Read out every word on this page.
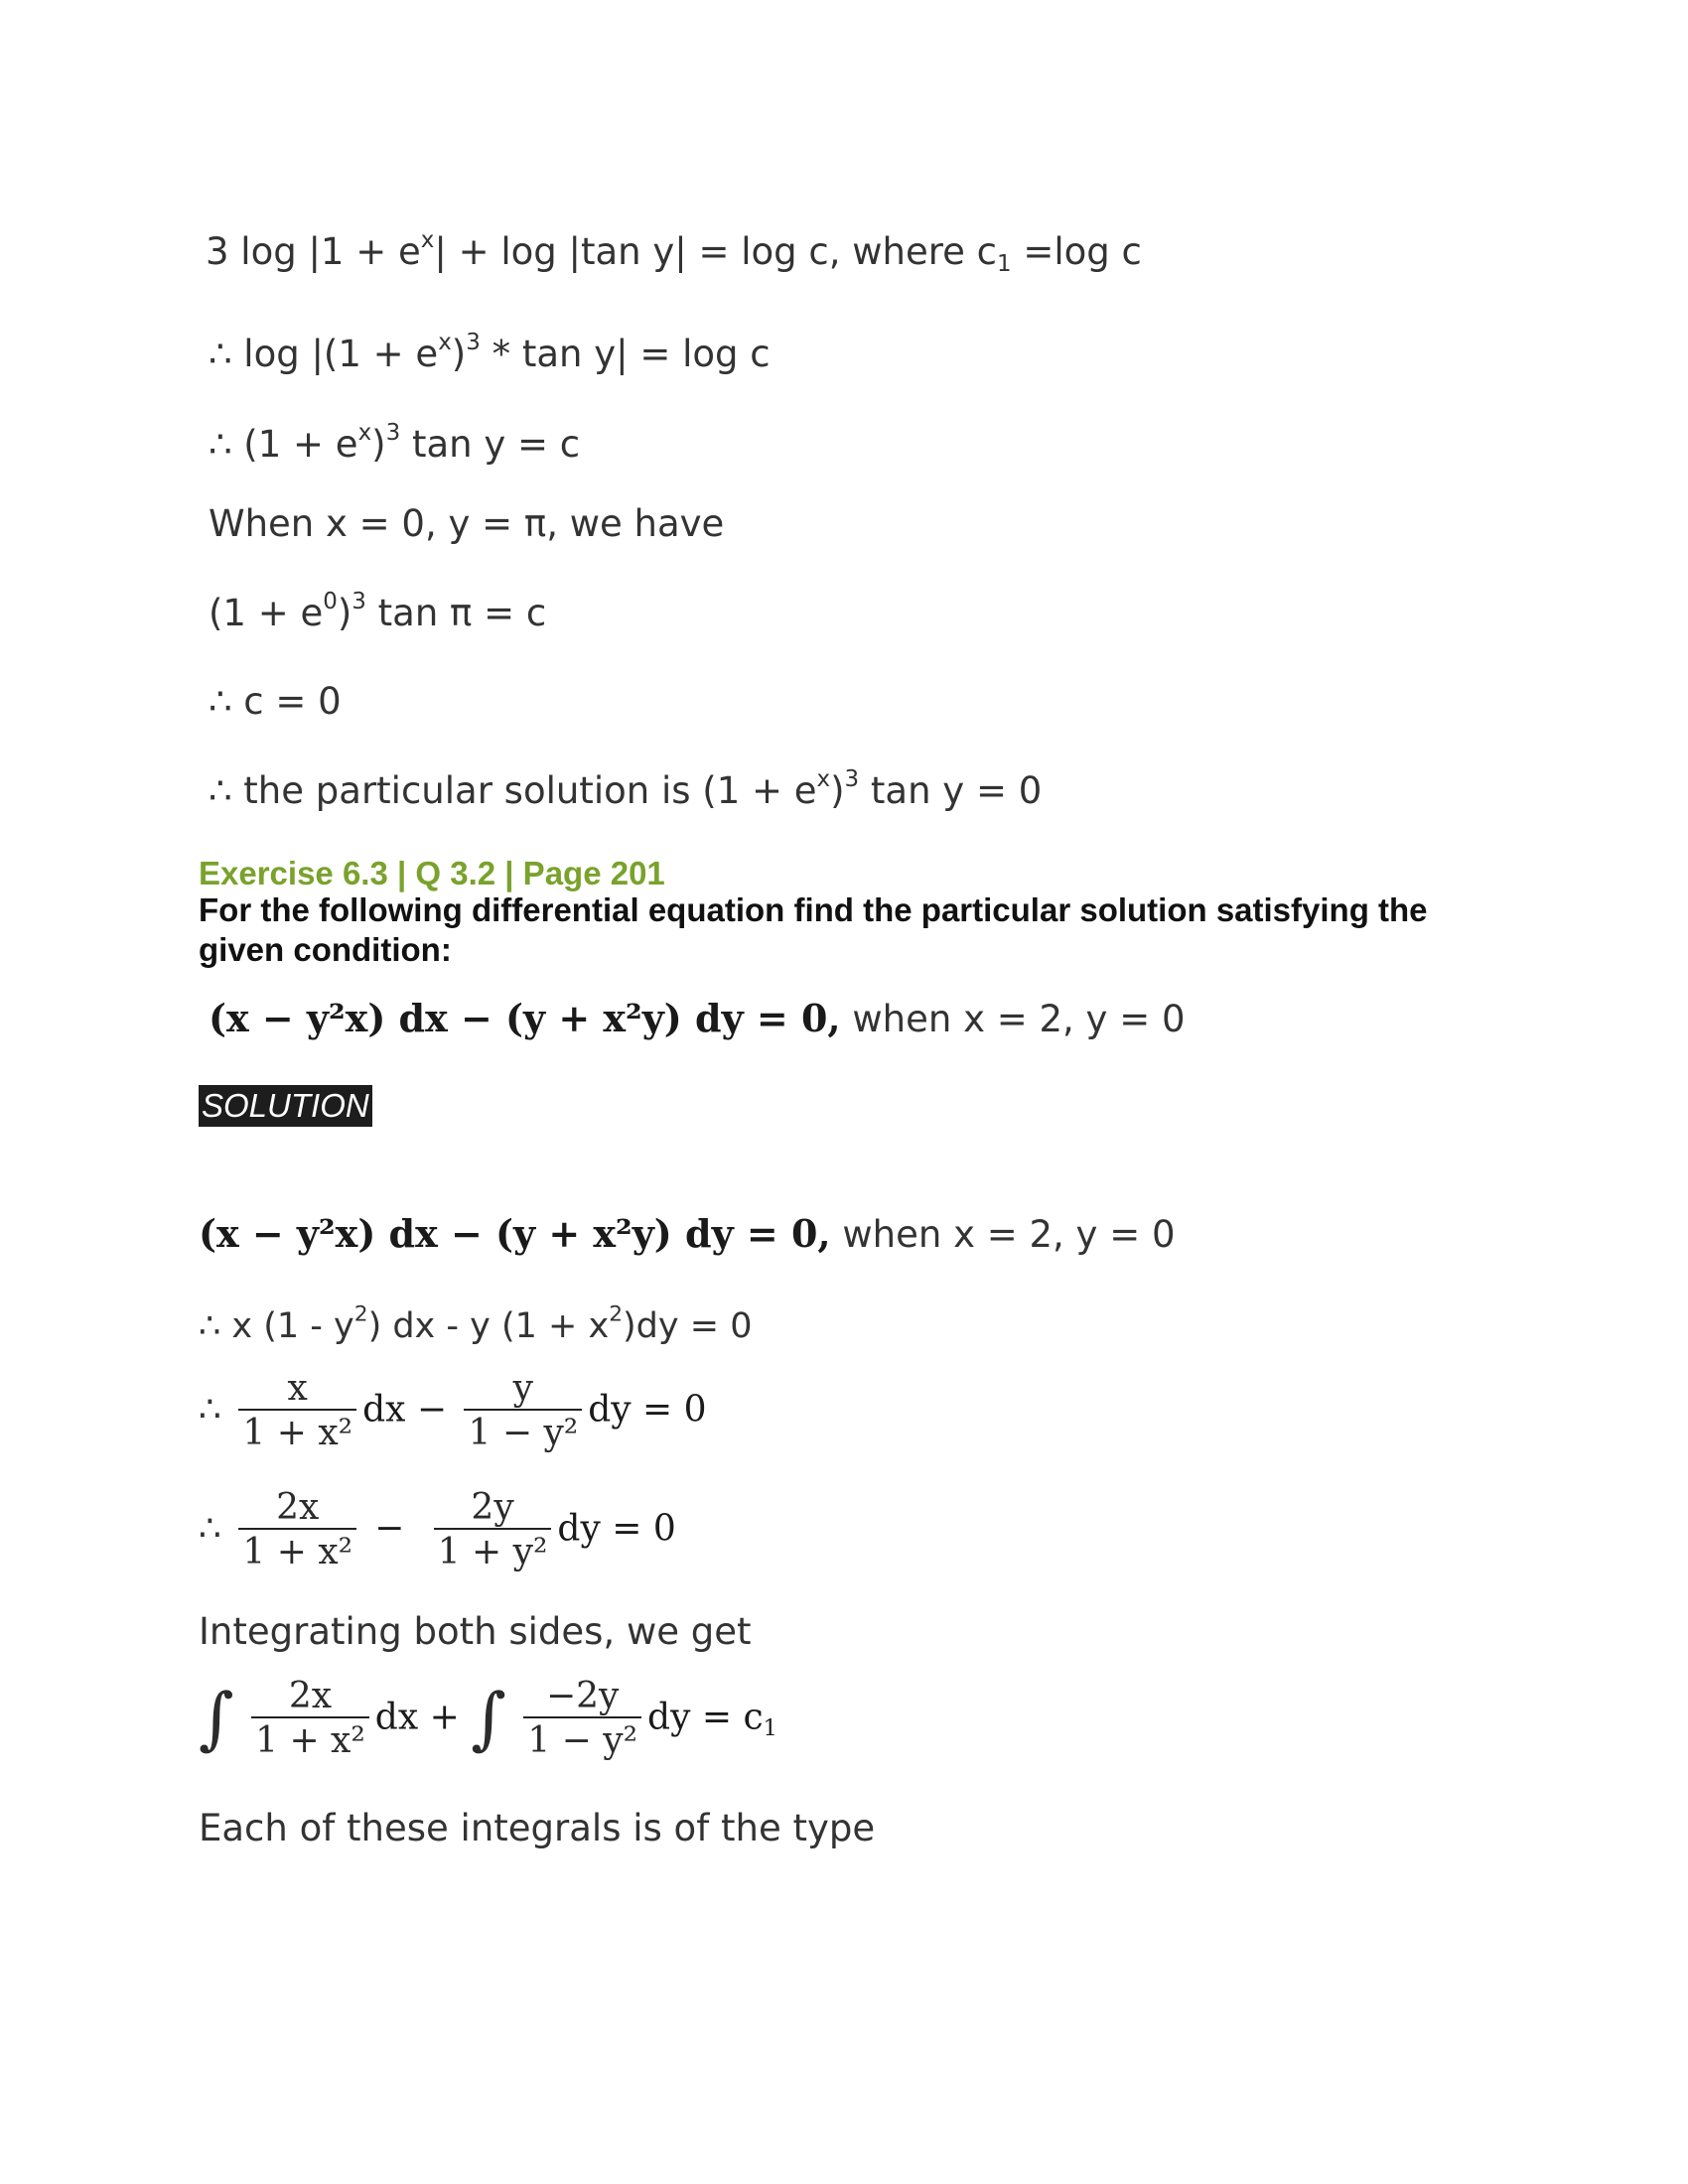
3 $\log |1 + e^x| + \log |\tan$ y| = log c, where $c_1 =\log$ c
∴ $\log |(1 + e^x)^3 * \tan y| = \log c$
∴ $(1 + e^x)^3$ tan y = c
When x = 0, y = π, we have
$(1 + e^0)^3$ tan π = c
∴ c = 0
∴ the particular solution is $(1 + e^x)^3$ tan y = 0
Exercise 6.3 | Q 3.2 | Page 201
For the following differential equation find the particular solution satisfying the given condition:
(x − y²x) dx − (y + x²y) dy = 0, when x = 2, y = 0
SOLUTION
(x − y²x) dx − (y + x²y) dy = 0, when x = 2, y = 0
∴ x $(1 - y^2)$ dx - y $(1 + x^2)dy = 0$
∴ $\frac{x}{\text{1 + x²}}$ dx − $\frac{y}{\text{1 − y²}}$ dy = 0
∴ $\frac{2x}{\text{1 + x²}} - \frac{2y}{\text{1 + y²}}$ dy = 0
Integrating both sides, we get
∫ $\frac{2x}{\text{1 + x²}}$ dx + ∫ $\frac{-2y}{\text{1 − y²}}$ dy = $c_1$
Each of these integrals is of the type
